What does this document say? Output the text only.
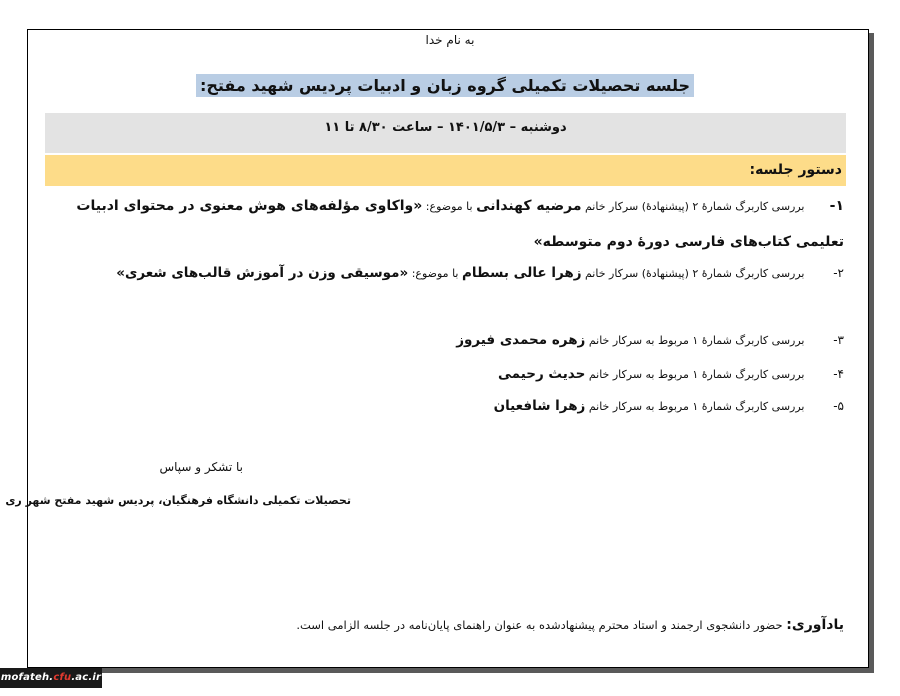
به نام خدا
جلسه تحصیلات تکمیلی گروه زبان و ادبیات پردیس شهید مفتح:
دوشنبه – ۱۴۰۱/۵/۳ – ساعت ۸/۳۰ تا ۱۱
دستور جلسه:
۱- بررسی کاربرگ شمارۀ ۲ (پیشنهادۀ) سرکار خانم مرضیه کهندانی با موضوع: «واکاوی مؤلفه‌های هوش معنوی در محتوای ادبیات
تعلیمی کتاب‌های فارسی دورۀ دوم متوسطه»
۲- بررسی کاربرگ شمارۀ ۲ (پیشنهادۀ) سرکار خانم زهرا عالی بسطام با موضوع: «موسیقی وزن در آموزش قالب‌های شعری»
۳- بررسی کاربرگ شمارۀ ۱ مربوط به سرکار خانم زهره محمدی فیروز
۴- بررسی کاربرگ شمارۀ ۱ مربوط به سرکار خانم حدیث رحیمی
۵- بررسی کاربرگ شمارۀ ۱ مربوط به سرکار خانم زهرا شافعیان
با تشکر و سپاس
تحصیلات تکمیلی دانشگاه فرهنگیان، پردیس شهید مفتح شهر ری
یادآوری: حضور دانشجوی ارجمند و استاد محترم پیشنهادشده به عنوان راهنمای پایان‌نامه در جلسه الزامی است.
mofateh.cfu.ac.ir
